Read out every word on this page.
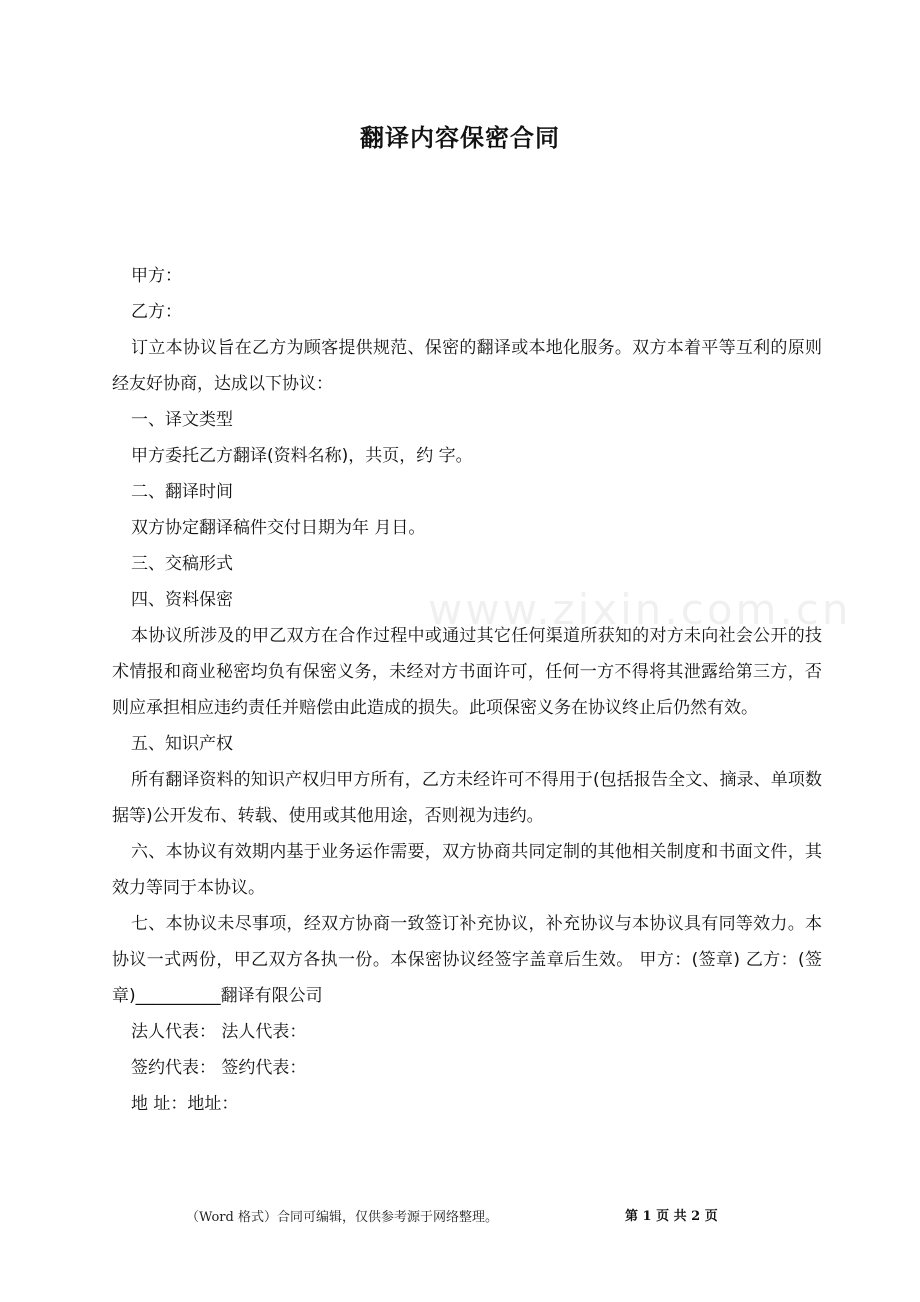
www.zixin.com.cn
翻译内容保密合同

甲方：

乙方：

订立本协议旨在乙方为顾客提供规范、保密的翻译或本地化服务。双方本着平等互利的原则经友好协商，达成以下协议：

一、译文类型

甲方委托乙方翻译(资料名称)，共页，约 字。

二、翻译时间

双方协定翻译稿件交付日期为年 月日。

三、交稿形式

四、资料保密

本协议所涉及的甲乙双方在合作过程中或通过其它任何渠道所获知的对方未向社会公开的技术情报和商业秘密均负有保密义务，未经对方书面许可，任何一方不得将其泄露给第三方，否则应承担相应违约责任并赔偿由此造成的损失。此项保密义务在协议终止后仍然有效。

五、知识产权

所有翻译资料的知识产权归甲方所有，乙方未经许可不得用于(包括报告全文、摘录、单项数据等)公开发布、转载、使用或其他用途，否则视为违约。

六、本协议有效期内基于业务运作需要，双方协商共同定制的其他相关制度和书面文件，其效力等同于本协议。

七、本协议未尽事项，经双方协商一致签订补充协议，补充协议与本协议具有同等效力。本协议一式两份，甲乙双方各执一份。本保密协议经签字盖章后生效。 甲方：(签章) 乙方：(签章)__________翻译有限公司

法人代表： 法人代表：

签约代表： 签约代表：

地 址：地址：

（Word 格式）合同可编辑，仅供参考源于网络整理。	第 1 页 共 2 页
